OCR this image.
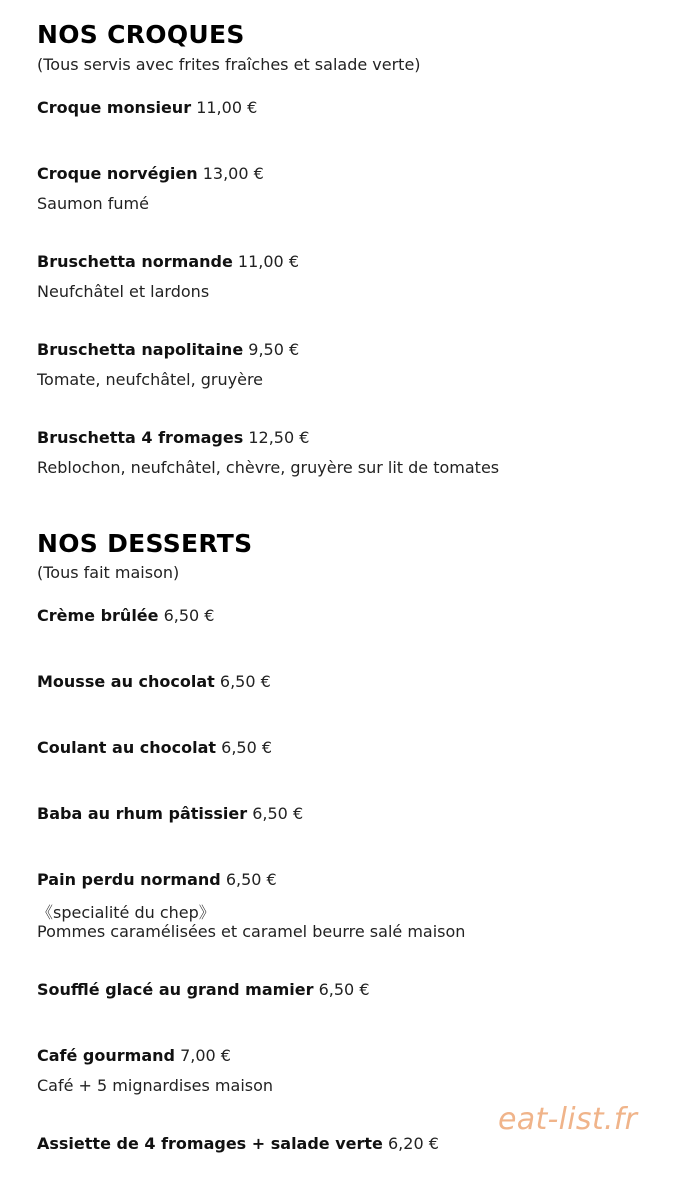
NOS CROQUES
(Tous servis avec frites fraîches et salade verte)
Croque monsieur 11,00 €
Croque norvégien 13,00 €
Saumon fumé
Bruschetta normande 11,00 €
Neufchâtel et lardons
Bruschetta napolitaine 9,50 €
Tomate, neufchâtel, gruyère
Bruschetta 4 fromages 12,50 €
Reblochon, neufchâtel, chèvre, gruyère sur lit de tomates
NOS DESSERTS
(Tous fait maison)
Crème brûlée 6,50 €
Mousse au chocolat 6,50 €
Coulant au chocolat 6,50 €
Baba au rhum pâtissier 6,50 €
Pain perdu normand 6,50 €
《specialité du chep》
Pommes caramélisées et caramel beurre salé maison
Soufflé glacé au grand mamier 6,50 €
Café gourmand 7,00 €
Café + 5 mignardises maison
Assiette de 4 fromages + salade verte 6,20 €
eat-list.fr
